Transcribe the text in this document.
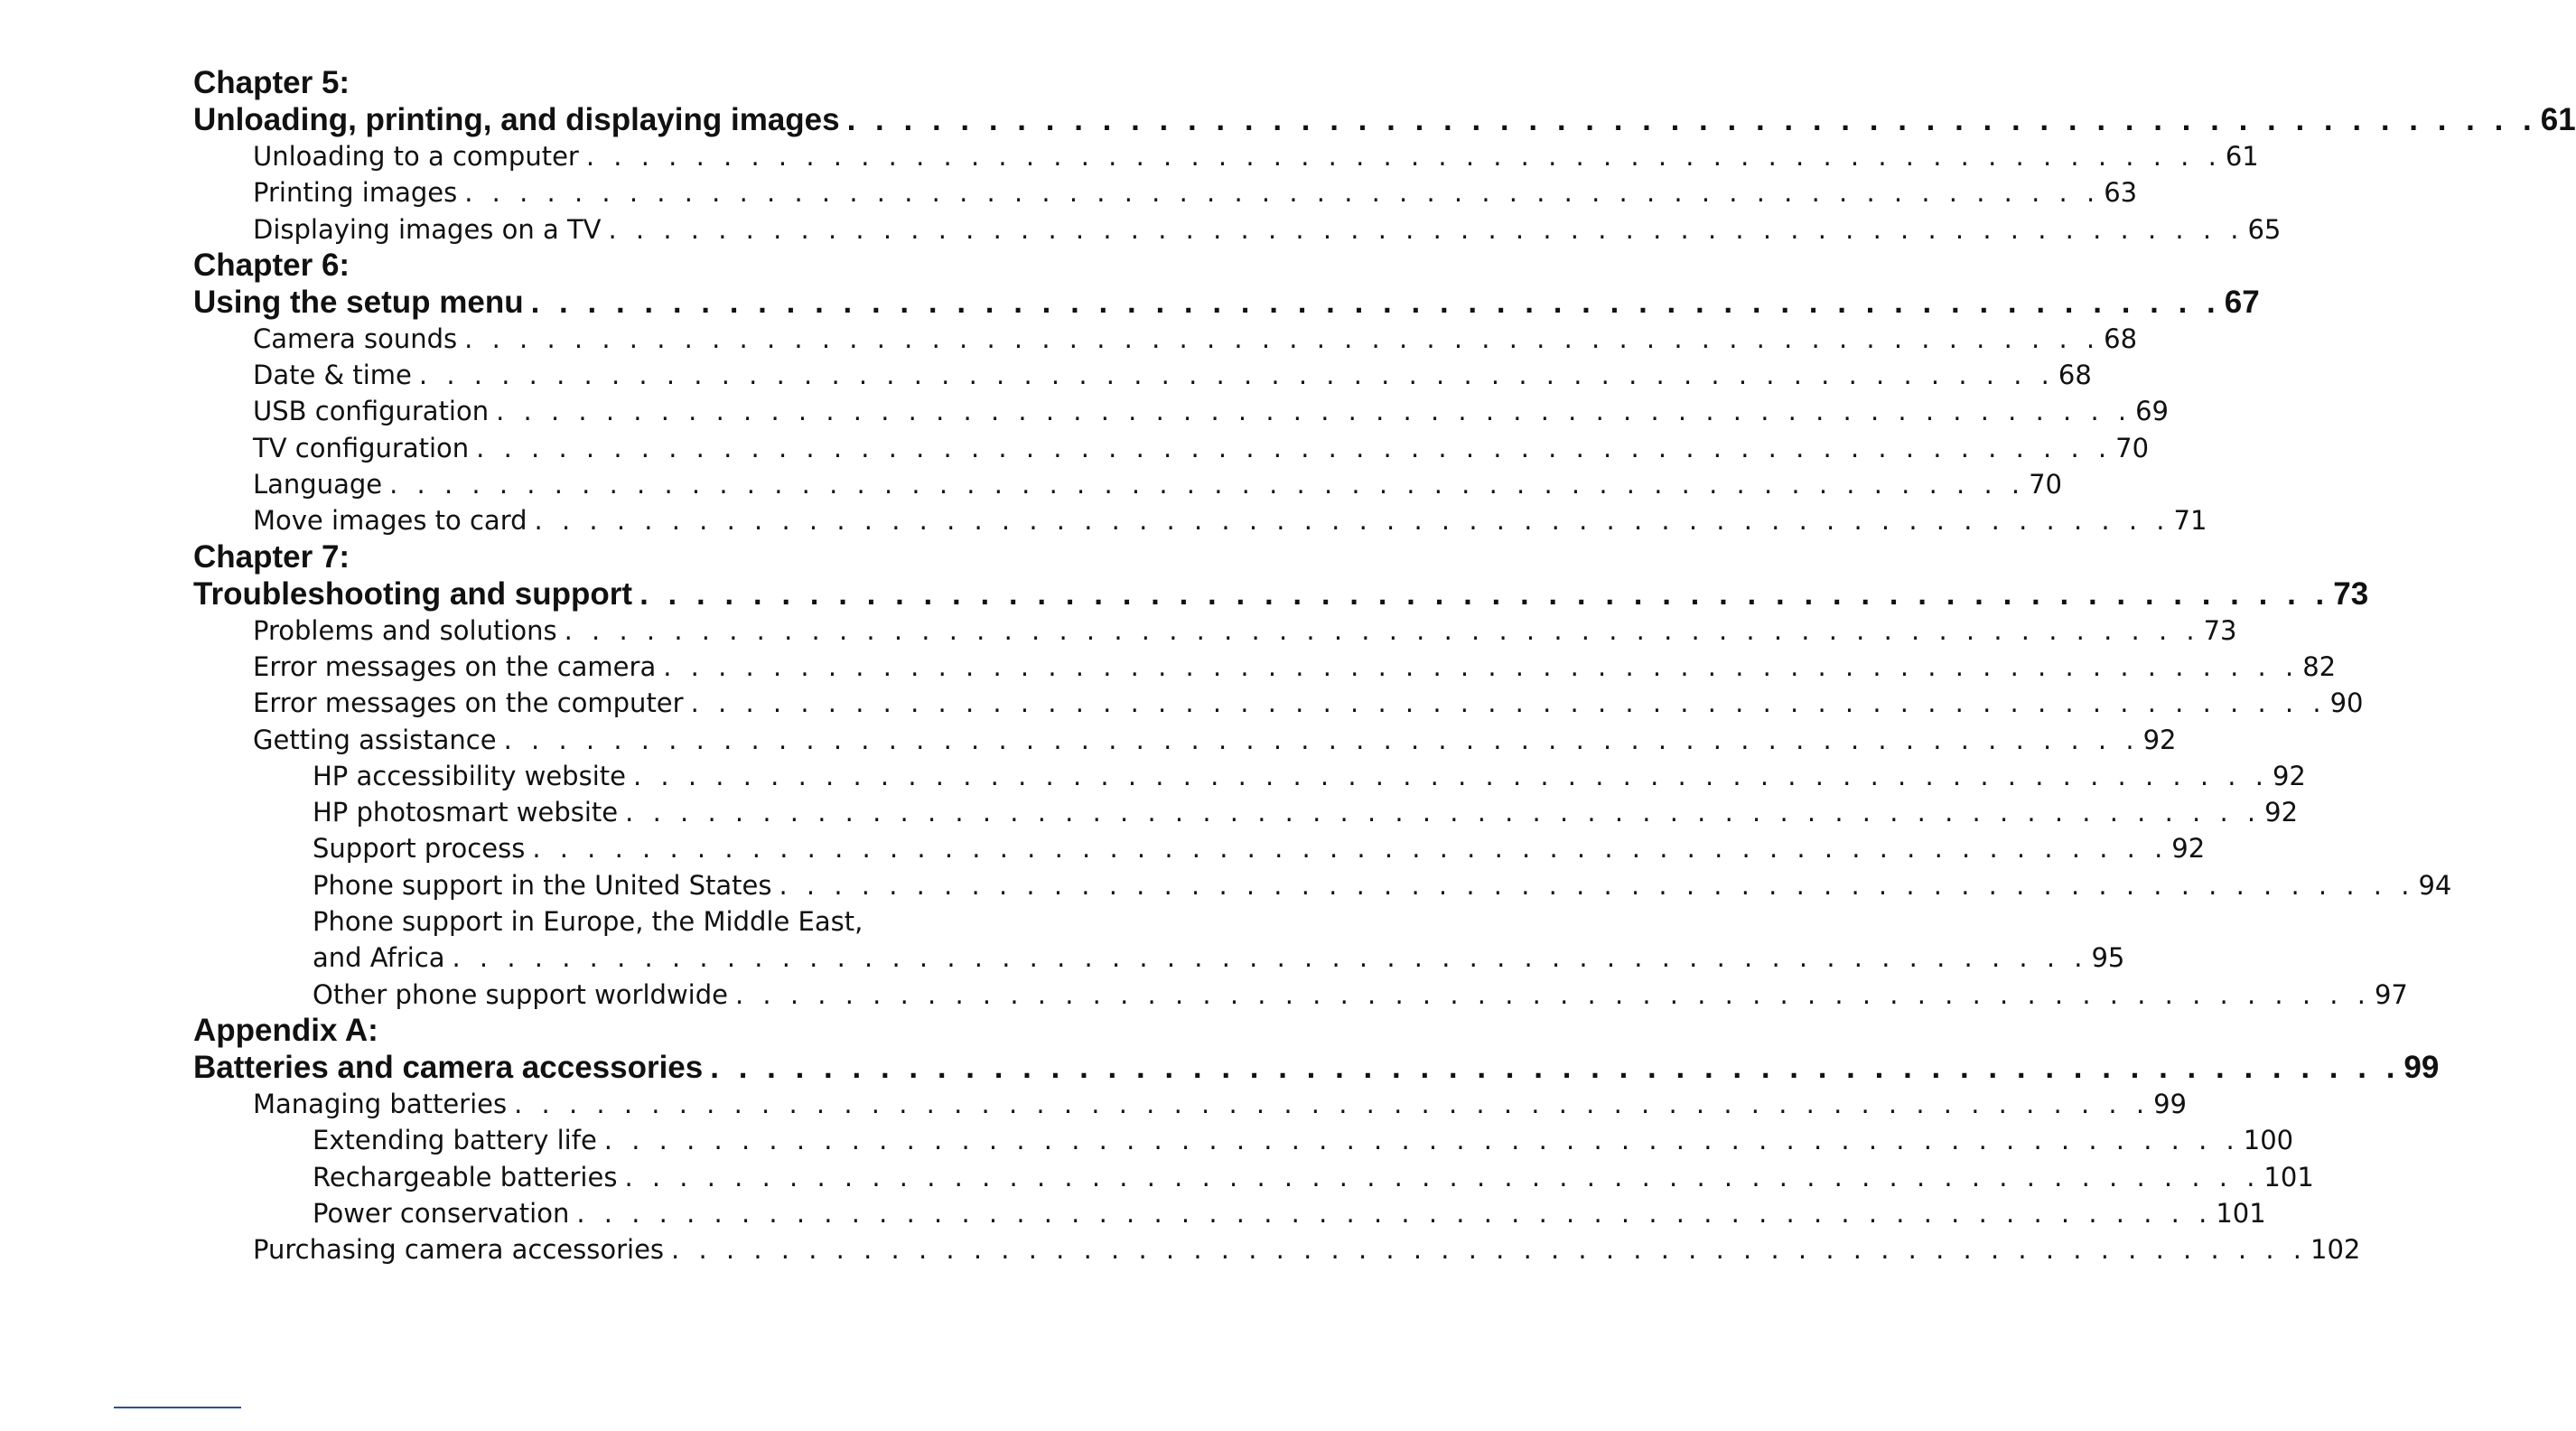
Chapter 5:
Unloading, printing, and displaying images . . . . . . . . . . . . . . . . . . . . . . . . . . . . . . . . . . . . . . . . . . . . . . . . . . . . . . . . . . . . 61
Unloading to a computer . . . . . . . . . . . . . . . . . . . . . . . . . . . . . . . . . . . . . . . . . . . . . . . . . . . . . . . . . . . . 61
Printing images . . . . . . . . . . . . . . . . . . . . . . . . . . . . . . . . . . . . . . . . . . . . . . . . . . . . . . . . . . . . 63
Displaying images on a TV . . . . . . . . . . . . . . . . . . . . . . . . . . . . . . . . . . . . . . . . . . . . . . . . . . . . . . . . . . . . 65
Chapter 6:
Using the setup menu . . . . . . . . . . . . . . . . . . . . . . . . . . . . . . . . . . . . . . . . . . . . . . . . . . . . . . . . . . . . 67
Camera sounds . . . . . . . . . . . . . . . . . . . . . . . . . . . . . . . . . . . . . . . . . . . . . . . . . . . . . . . . . . . . 68
Date & time . . . . . . . . . . . . . . . . . . . . . . . . . . . . . . . . . . . . . . . . . . . . . . . . . . . . . . . . . . . . 68
USB configuration . . . . . . . . . . . . . . . . . . . . . . . . . . . . . . . . . . . . . . . . . . . . . . . . . . . . . . . . . . . . 69
TV configuration . . . . . . . . . . . . . . . . . . . . . . . . . . . . . . . . . . . . . . . . . . . . . . . . . . . . . . . . . . . . 70
Language . . . . . . . . . . . . . . . . . . . . . . . . . . . . . . . . . . . . . . . . . . . . . . . . . . . . . . . . . . . . 70
Move images to card . . . . . . . . . . . . . . . . . . . . . . . . . . . . . . . . . . . . . . . . . . . . . . . . . . . . . . . . . . . . 71
Chapter 7:
Troubleshooting and support . . . . . . . . . . . . . . . . . . . . . . . . . . . . . . . . . . . . . . . . . . . . . . . . . . . . . . . . . . . . 73
Problems and solutions . . . . . . . . . . . . . . . . . . . . . . . . . . . . . . . . . . . . . . . . . . . . . . . . . . . . . . . . . . . . 73
Error messages on the camera . . . . . . . . . . . . . . . . . . . . . . . . . . . . . . . . . . . . . . . . . . . . . . . . . . . . . . . . . . . . 82
Error messages on the computer . . . . . . . . . . . . . . . . . . . . . . . . . . . . . . . . . . . . . . . . . . . . . . . . . . . . . . . . . . . . 90
Getting assistance . . . . . . . . . . . . . . . . . . . . . . . . . . . . . . . . . . . . . . . . . . . . . . . . . . . . . . . . . . . . 92
HP accessibility website . . . . . . . . . . . . . . . . . . . . . . . . . . . . . . . . . . . . . . . . . . . . . . . . . . . . . . . . . . . . 92
HP photosmart website . . . . . . . . . . . . . . . . . . . . . . . . . . . . . . . . . . . . . . . . . . . . . . . . . . . . . . . . . . . . 92
Support process . . . . . . . . . . . . . . . . . . . . . . . . . . . . . . . . . . . . . . . . . . . . . . . . . . . . . . . . . . . . 92
Phone support in the United States . . . . . . . . . . . . . . . . . . . . . . . . . . . . . . . . . . . . . . . . . . . . . . . . . . . . . . . . . . . . 94
Phone support in Europe, the Middle East,
and Africa . . . . . . . . . . . . . . . . . . . . . . . . . . . . . . . . . . . . . . . . . . . . . . . . . . . . . . . . . . . . 95
Other phone support worldwide . . . . . . . . . . . . . . . . . . . . . . . . . . . . . . . . . . . . . . . . . . . . . . . . . . . . . . . . . . . . 97
Appendix A:
Batteries and camera accessories . . . . . . . . . . . . . . . . . . . . . . . . . . . . . . . . . . . . . . . . . . . . . . . . . . . . . . . . . . . . 99
Managing batteries . . . . . . . . . . . . . . . . . . . . . . . . . . . . . . . . . . . . . . . . . . . . . . . . . . . . . . . . . . . . 99
Extending battery life . . . . . . . . . . . . . . . . . . . . . . . . . . . . . . . . . . . . . . . . . . . . . . . . . . . . . . . . . . . . 100
Rechargeable batteries . . . . . . . . . . . . . . . . . . . . . . . . . . . . . . . . . . . . . . . . . . . . . . . . . . . . . . . . . . . . 101
Power conservation . . . . . . . . . . . . . . . . . . . . . . . . . . . . . . . . . . . . . . . . . . . . . . . . . . . . . . . . . . . . 101
Purchasing camera accessories . . . . . . . . . . . . . . . . . . . . . . . . . . . . . . . . . . . . . . . . . . . . . . . . . . . . . . . . . . . . 102
